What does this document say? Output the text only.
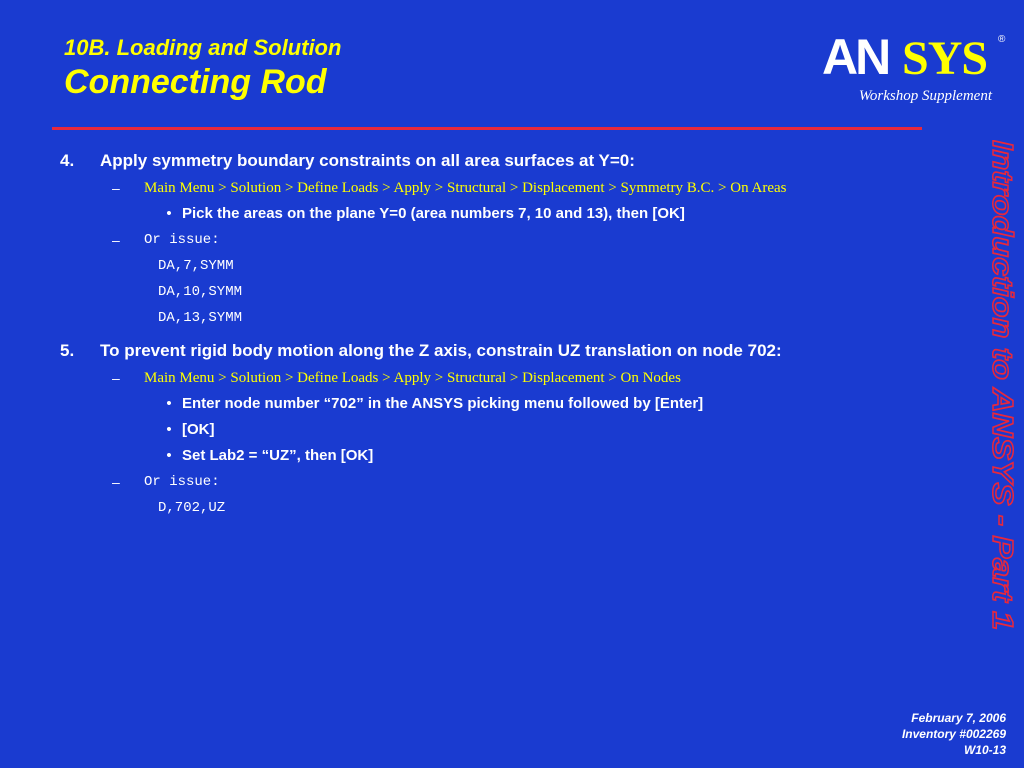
10B. Loading and Solution
Connecting Rod	AN SYS ®
Workshop Supplement
4.	Apply symmetry boundary constraints on all area surfaces at Y=0:
–	Main Menu > Solution > Define Loads > Apply > Structural > Displacement > Symmetry B.C. > On Areas
• Pick the areas on the plane Y=0 (area numbers 7, 10 and 13), then [OK]
–	Or issue:
DA,7,SYMM
DA,10,SYMM
DA,13,SYMM
5.	To prevent rigid body motion along the Z axis, constrain UZ translation on node 702:
–	Main Menu > Solution > Define Loads > Apply > Structural > Displacement > On Nodes
• Enter node number “702” in the ANSYS picking menu followed by [Enter]
• [OK]
• Set Lab2 = “UZ”, then [OK]
–	Or issue:
D,702,UZ	Introduction to ANSYS - Part 1
February 7, 2006
Inventory #002269
W10-13
